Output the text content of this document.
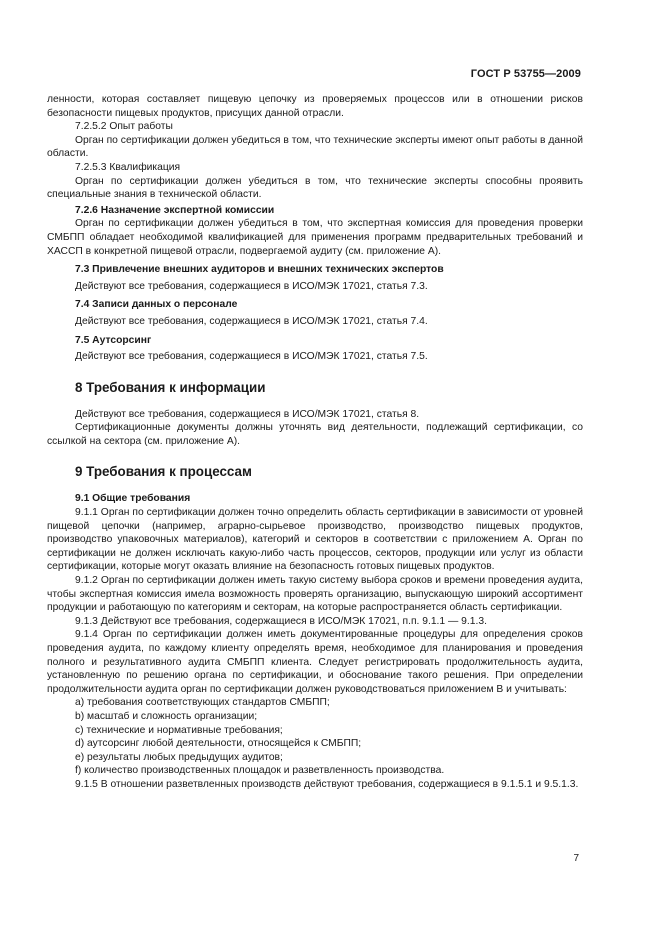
ГОСТ Р 53755—2009

ленности, которая составляет пищевую цепочку из проверяемых процессов или в отношении рисков безопасности пищевых продуктов, присущих данной отрасли.

7.2.5.2 Опыт работы

Орган по сертификации должен убедиться в том, что технические эксперты имеют опыт работы в данной области.

7.2.5.3 Квалификация

Орган по сертификации должен убедиться в том, что технические эксперты способны проявить специальные знания в технической области.

7.2.6 Назначение экспертной комиссии

Орган по сертификации должен убедиться в том, что экспертная комиссия для проведения проверки СМБПП обладает необходимой квалификацией для применения программ предварительных требований и ХАССП в конкретной пищевой отрасли, подвергаемой аудиту (см. приложение А).

7.3 Привлечение внешних аудиторов и внешних технических экспертов

Действуют все требования, содержащиеся в ИСО/МЭК 17021, статья 7.3.

7.4 Записи данных о персонале

Действуют все требования, содержащиеся в ИСО/МЭК 17021, статья 7.4.

7.5 Аутсорсинг

Действуют все требования, содержащиеся в ИСО/МЭК 17021, статья 7.5.

8 Требования к информации

Действуют все требования, содержащиеся в ИСО/МЭК 17021, статья 8.

Сертификационные документы должны уточнять вид деятельности, подлежащий сертификации, со ссылкой на сектора (см. приложение А).

9 Требования к процессам

9.1 Общие требования

9.1.1 Орган по сертификации должен точно определить область сертификации в зависимости от уровней пищевой цепочки (например, аграрно-сырьевое производство, производство пищевых продуктов, производство упаковочных материалов), категорий и секторов в соответствии с приложением А. Орган по сертификации не должен исключать какую-либо часть процессов, секторов, продукции или услуг из области сертификации, которые могут оказать влияние на безопасность готовых пищевых продуктов.

9.1.2 Орган по сертификации должен иметь такую систему выбора сроков и времени проведения аудита, чтобы экспертная комиссия имела возможность проверять организацию, выпускающую широкий ассортимент продукции и работающую по категориям и секторам, на которые распространяется область сертификации.

9.1.3 Действуют все требования, содержащиеся в ИСО/МЭК 17021, п.п. 9.1.1 — 9.1.3.

9.1.4 Орган по сертификации должен иметь документированные процедуры для определения сроков проведения аудита, по каждому клиенту определять время, необходимое для планирования и проведения полного и результативного аудита СМБПП клиента. Следует регистрировать продолжительность аудита, установленную по решению органа по сертификации, и обоснование такого решения. При определении продолжительности аудита орган по сертификации должен руководствоваться приложением В и учитывать:

a) требования соответствующих стандартов СМБПП;

b) масштаб и сложность организации;

c) технические и нормативные требования;

d) аутсорсинг любой деятельности, относящейся к СМБПП;

e) результаты любых предыдущих аудитов;

f) количество производственных площадок и разветвленность производства.

9.1.5 В отношении разветвленных производств действуют требования, содержащиеся в 9.1.5.1 и 9.5.1.3.

7
